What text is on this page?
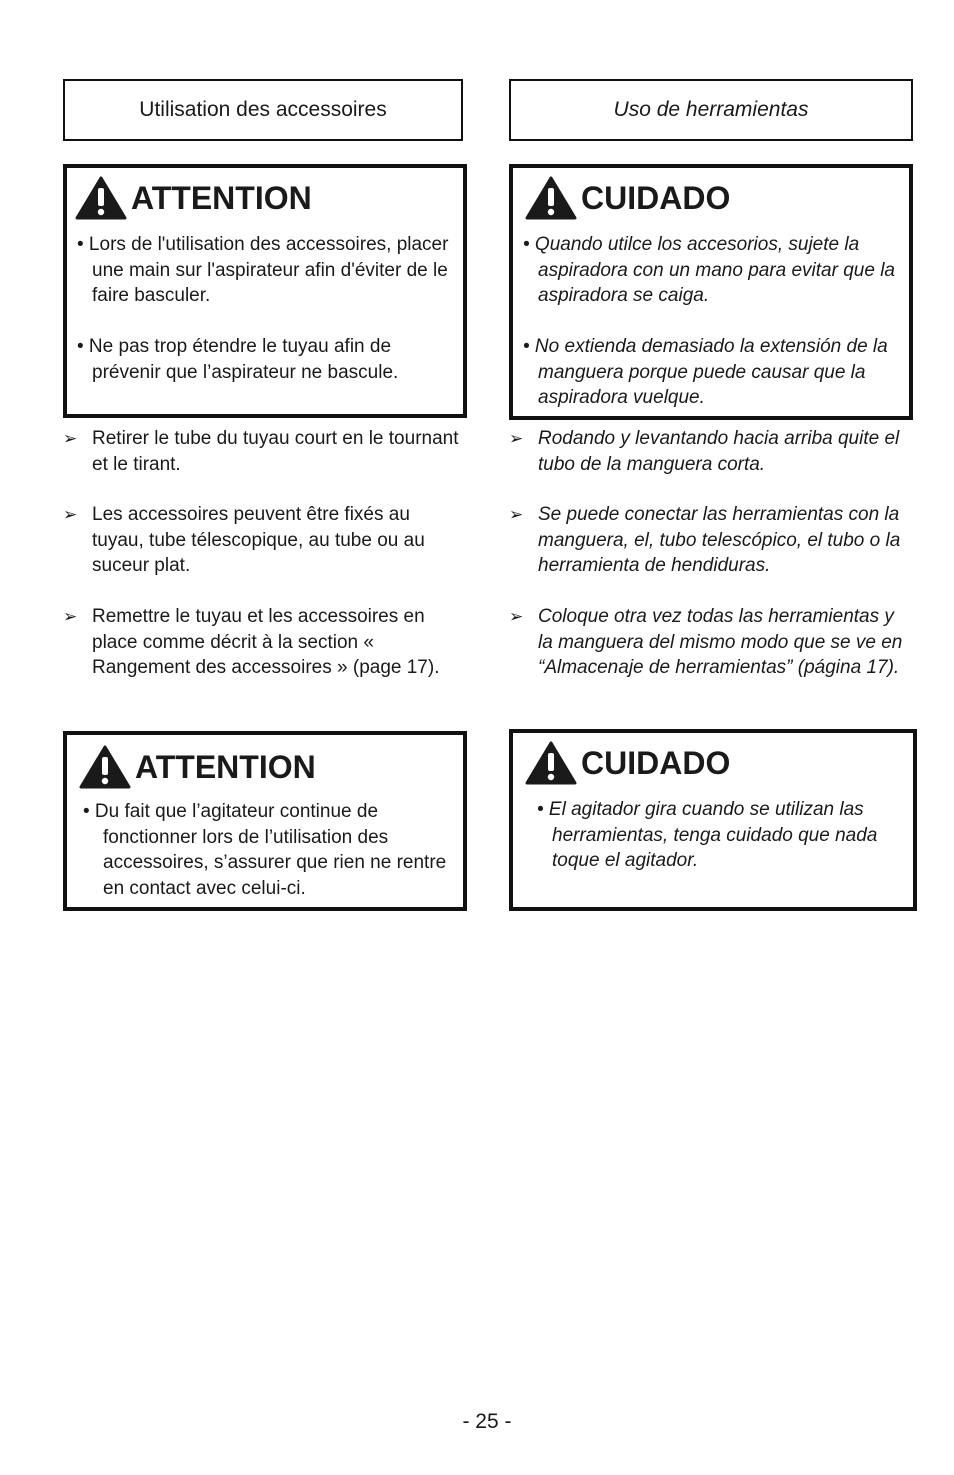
Utilisation des accessoires
ATTENTION
• Lors de l'utilisation des accessoires, placer une main sur l'aspirateur afin d'éviter de le faire basculer.
• Ne pas trop étendre le tuyau afin de prévenir que l’aspirateur ne bascule.
➢ Retirer le tube du tuyau court en le tournant et le tirant.
➢ Les accessoires peuvent être fixés au tuyau, tube télescopique, au tube ou au suceur plat.
➢ Remettre le tuyau et les accessoires en place comme décrit à la section « Rangement des accessoires » (page 17).
ATTENTION
• Du fait que l’agitateur continue de fonctionner lors de l’utilisation des accessoires, s’assurer que rien ne rentre en contact avec celui-ci.
Uso de herramientas
CUIDADO
• Quando utilce los accesorios, sujete la aspiradora con un mano para evitar que la aspiradora se caiga.
• No extienda demasiado la extensión de la manguera porque puede causar que la aspiradora vuelque.
➢ Rodando y levantando hacia arriba quite el tubo de la manguera corta.
➢ Se puede conectar las herramientas con la manguera, el, tubo telescópico, el tubo o la herramienta de hendiduras.
➢ Coloque otra vez todas las herramientas y la manguera del mismo modo que se ve en “Almacenaje de herramientas” (página 17).
CUIDADO
• El agitador gira cuando se utilizan las herramientas, tenga cuidado que nada toque el agitador.
- 25 -
